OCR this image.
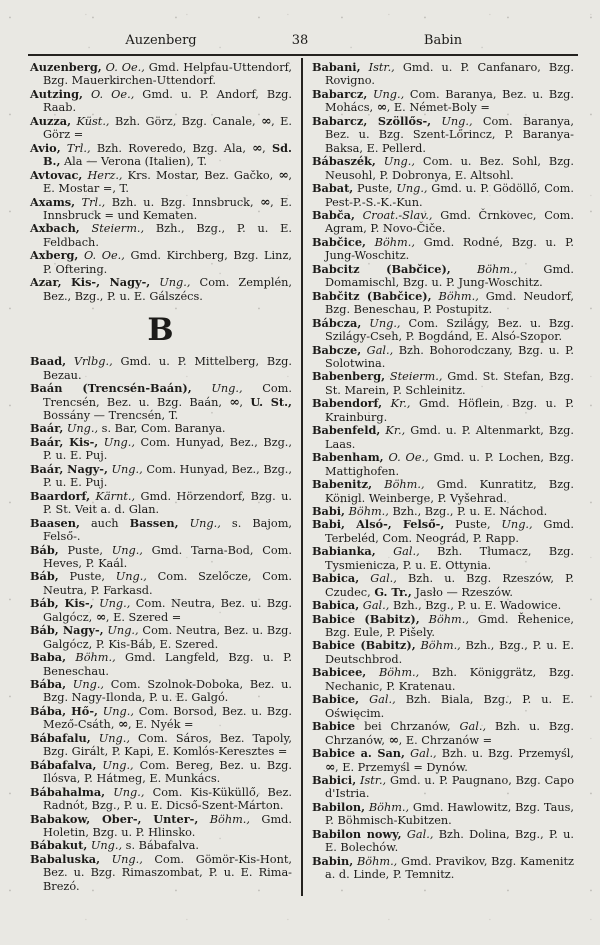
Auzenberg	38	Babin

Auzenberg, O. Oe., Gmd. Helpfau-Uttendorf, Bzg. Mauerkirchen-Uttendorf.

Autzing, O. Oe., Gmd. u. P. Andorf, Bzg. Raab.

Auzza, Küst., Bzh. Görz, Bzg. Canale, ∞, E. Görz =

Avio, Trl., Bzh. Roveredo, Bzg. Ala, ∞, Sd. B., Ala — Verona (Italien), T.

Avtovac, Herz., Krs. Mostar, Bez. Gačko, ∞, E. Mostar =, T.

Axams, Trl., Bzh. u. Bzg. Innsbruck, ∞, E. Innsbruck = und Kematen.

Axbach, Steierm., Bzh., Bzg., P. u. E. Feldbach.

Axberg, O. Oe., Gmd. Kirchberg, Bzg. Linz, P. Oftering.

Azar, Kis-, Nagy-, Ung., Com. Zemplén, Bez., Bzg., P. u. E. Gálszécs.

B

Baad, Vrlbg., Gmd. u. P. Mittelberg, Bzg. Bezau.

Baán (Trencsén-Baán), Ung., Com. Trencsén, Bez. u. Bzg. Baán, ∞, U. St., Bossány — Trencsén, T.

Baár, Ung., s. Bar, Com. Baranya.

Baár, Kis-, Ung., Com. Hunyad, Bez., Bzg., P. u. E. Puj.

Baár, Nagy-, Ung., Com. Hunyad, Bez., Bzg., P. u. E. Puj.

Baardorf, Kärnt., Gmd. Hörzendorf, Bzg. u. P. St. Veit a. d. Glan.

Baasen, auch Bassen, Ung., s. Bajom, Felső-.

Báb, Puste, Ung., Gmd. Tarna-Bod, Com. Heves, P. Kaál.

Báb, Puste, Ung., Com. Szelőcze, Com. Neutra, P. Farkasd.

Báb, Kis-, Ung., Com. Neutra, Bez. u. Bzg. Galgócz, ∞, E. Szered =

Báb, Nagy-, Ung., Com. Neutra, Bez. u. Bzg. Galgócz, P. Kis-Báb, E. Szered.

Baba, Böhm., Gmd. Langfeld, Bzg. u. P. Beneschau.

Bába, Ung., Com. Szolnok-Doboka, Bez. u. Bzg. Nagy-Ilonda, P. u. E. Galgó.

Bába, Hő-, Ung., Com. Borsod, Bez. u. Bzg. Mező-Csáth, ∞, E. Nyék =

Bábafalu, Ung., Com. Sáros, Bez. Tapoly, Bzg. Girált, P. Kapi, E. Komlós-Keresztes =

Bábafalva, Ung., Com. Bereg, Bez. u. Bzg. Ilósva, P. Hátmeg, E. Munkács.

Bábahalma, Ung., Com. Kis-Küküllő, Bez. Radnót, Bzg., P. u. E. Dicső-Szent-Márton.

Babakow, Ober-, Unter-, Böhm., Gmd. Holetin, Bzg. u. P. Hlinsko.

Bábakut, Ung., s. Bábafalva.

Babaluska, Ung., Com. Gömör-Kis-Hont, Bez. u. Bzg. Rimaszombat, P. u. E. Rima-Brezó.

Babani, Istr., Gmd. u. P. Canfanaro, Bzg. Rovigno.

Babarcz, Ung., Com. Baranya, Bez. u. Bzg. Mohács, ∞, E. Német-Boly =

Babarcz, Szöllős-, Ung., Com. Baranya, Bez. u. Bzg. Szent-Lőrincz, P. Baranya-Baksa, E. Pellerd.

Bábaszék, Ung., Com. u. Bez. Sohl, Bzg. Neusohl, P. Dobronya, E. Altsohl.

Babat, Puste, Ung., Gmd. u. P. Gödöllő, Com. Pest-P.-S.-K.-Kun.

Babča, Croat.-Slav., Gmd. Črnkovec, Com. Agram, P. Novo-Čiče.

Babčice, Böhm., Gmd. Rodné, Bzg. u. P. Jung-Woschitz.

Babcitz (Babčice), Böhm., Gmd. Domamischl, Bzg. u. P. Jung-Woschitz.

Babčitz (Babčice), Böhm., Gmd. Neudorf, Bzg. Beneschau, P. Postupitz.

Bábcza, Ung., Com. Szilágy, Bez. u. Bzg. Szilágy-Cseh, P. Bogdánd, E. Alsó-Szopor.

Babcze, Gal., Bzh. Bohorodczany, Bzg. u. P. Solotwina.

Babenberg, Steierm., Gmd. St. Stefan, Bzg. St. Marein, P. Schleinitz.

Babendorf, Kr., Gmd. Höflein, Bzg. u. P. Krainburg.

Babenfeld, Kr., Gmd. u. P. Altenmarkt, Bzg. Laas.

Babenham, O. Oe., Gmd. u. P. Lochen, Bzg. Mattighofen.

Babenitz, Böhm., Gmd. Kunratitz, Bzg. Königl. Weinberge, P. Vyšehrad.

Babi, Böhm., Bzh., Bzg., P. u. E. Náchod.

Babi, Alsó-, Felső-, Puste, Ung., Gmd. Terbeléd, Com. Neográd, P. Rapp.

Babianka, Gal., Bzh. Tłumacz, Bzg. Tysmienicza, P. u. E. Ottynia.

Babica, Gal., Bzh. u. Bzg. Rzeszów, P. Czudec, G. Tr., Jasło — Rzeszów.

Babica, Gal., Bzh., Bzg., P. u. E. Wadowice.

Babice (Babitz), Böhm., Gmd. Řehenice, Bzg. Eule, P. Pišely.

Babice (Babitz), Böhm., Bzh., Bzg., P. u. E. Deutschbrod.

Babicee, Böhm., Bzh. Königgrätz, Bzg. Nechanic, P. Kratenau.

Babice, Gal., Bzh. Biala, Bzg., P. u. E. Oświęcim.

Babice bei Chrzanów, Gal., Bzh. u. Bzg. Chrzanów, ∞, E. Chrzanów =

Babice a. San, Gal., Bzh. u. Bzg. Przemyśl, ∞, E. Przemyśl = Dynów.

Babici, Istr., Gmd. u. P. Paugnano, Bzg. Capo d'Istria.

Babilon, Böhm., Gmd. Hawlowitz, Bzg. Taus, P. Böhmisch-Kubitzen.

Babilon nowy, Gal., Bzh. Dolina, Bzg., P. u. E. Bolechów.

Babin, Böhm., Gmd. Pravikov, Bzg. Kamenitz a. d. Linde, P. Temnitz.
